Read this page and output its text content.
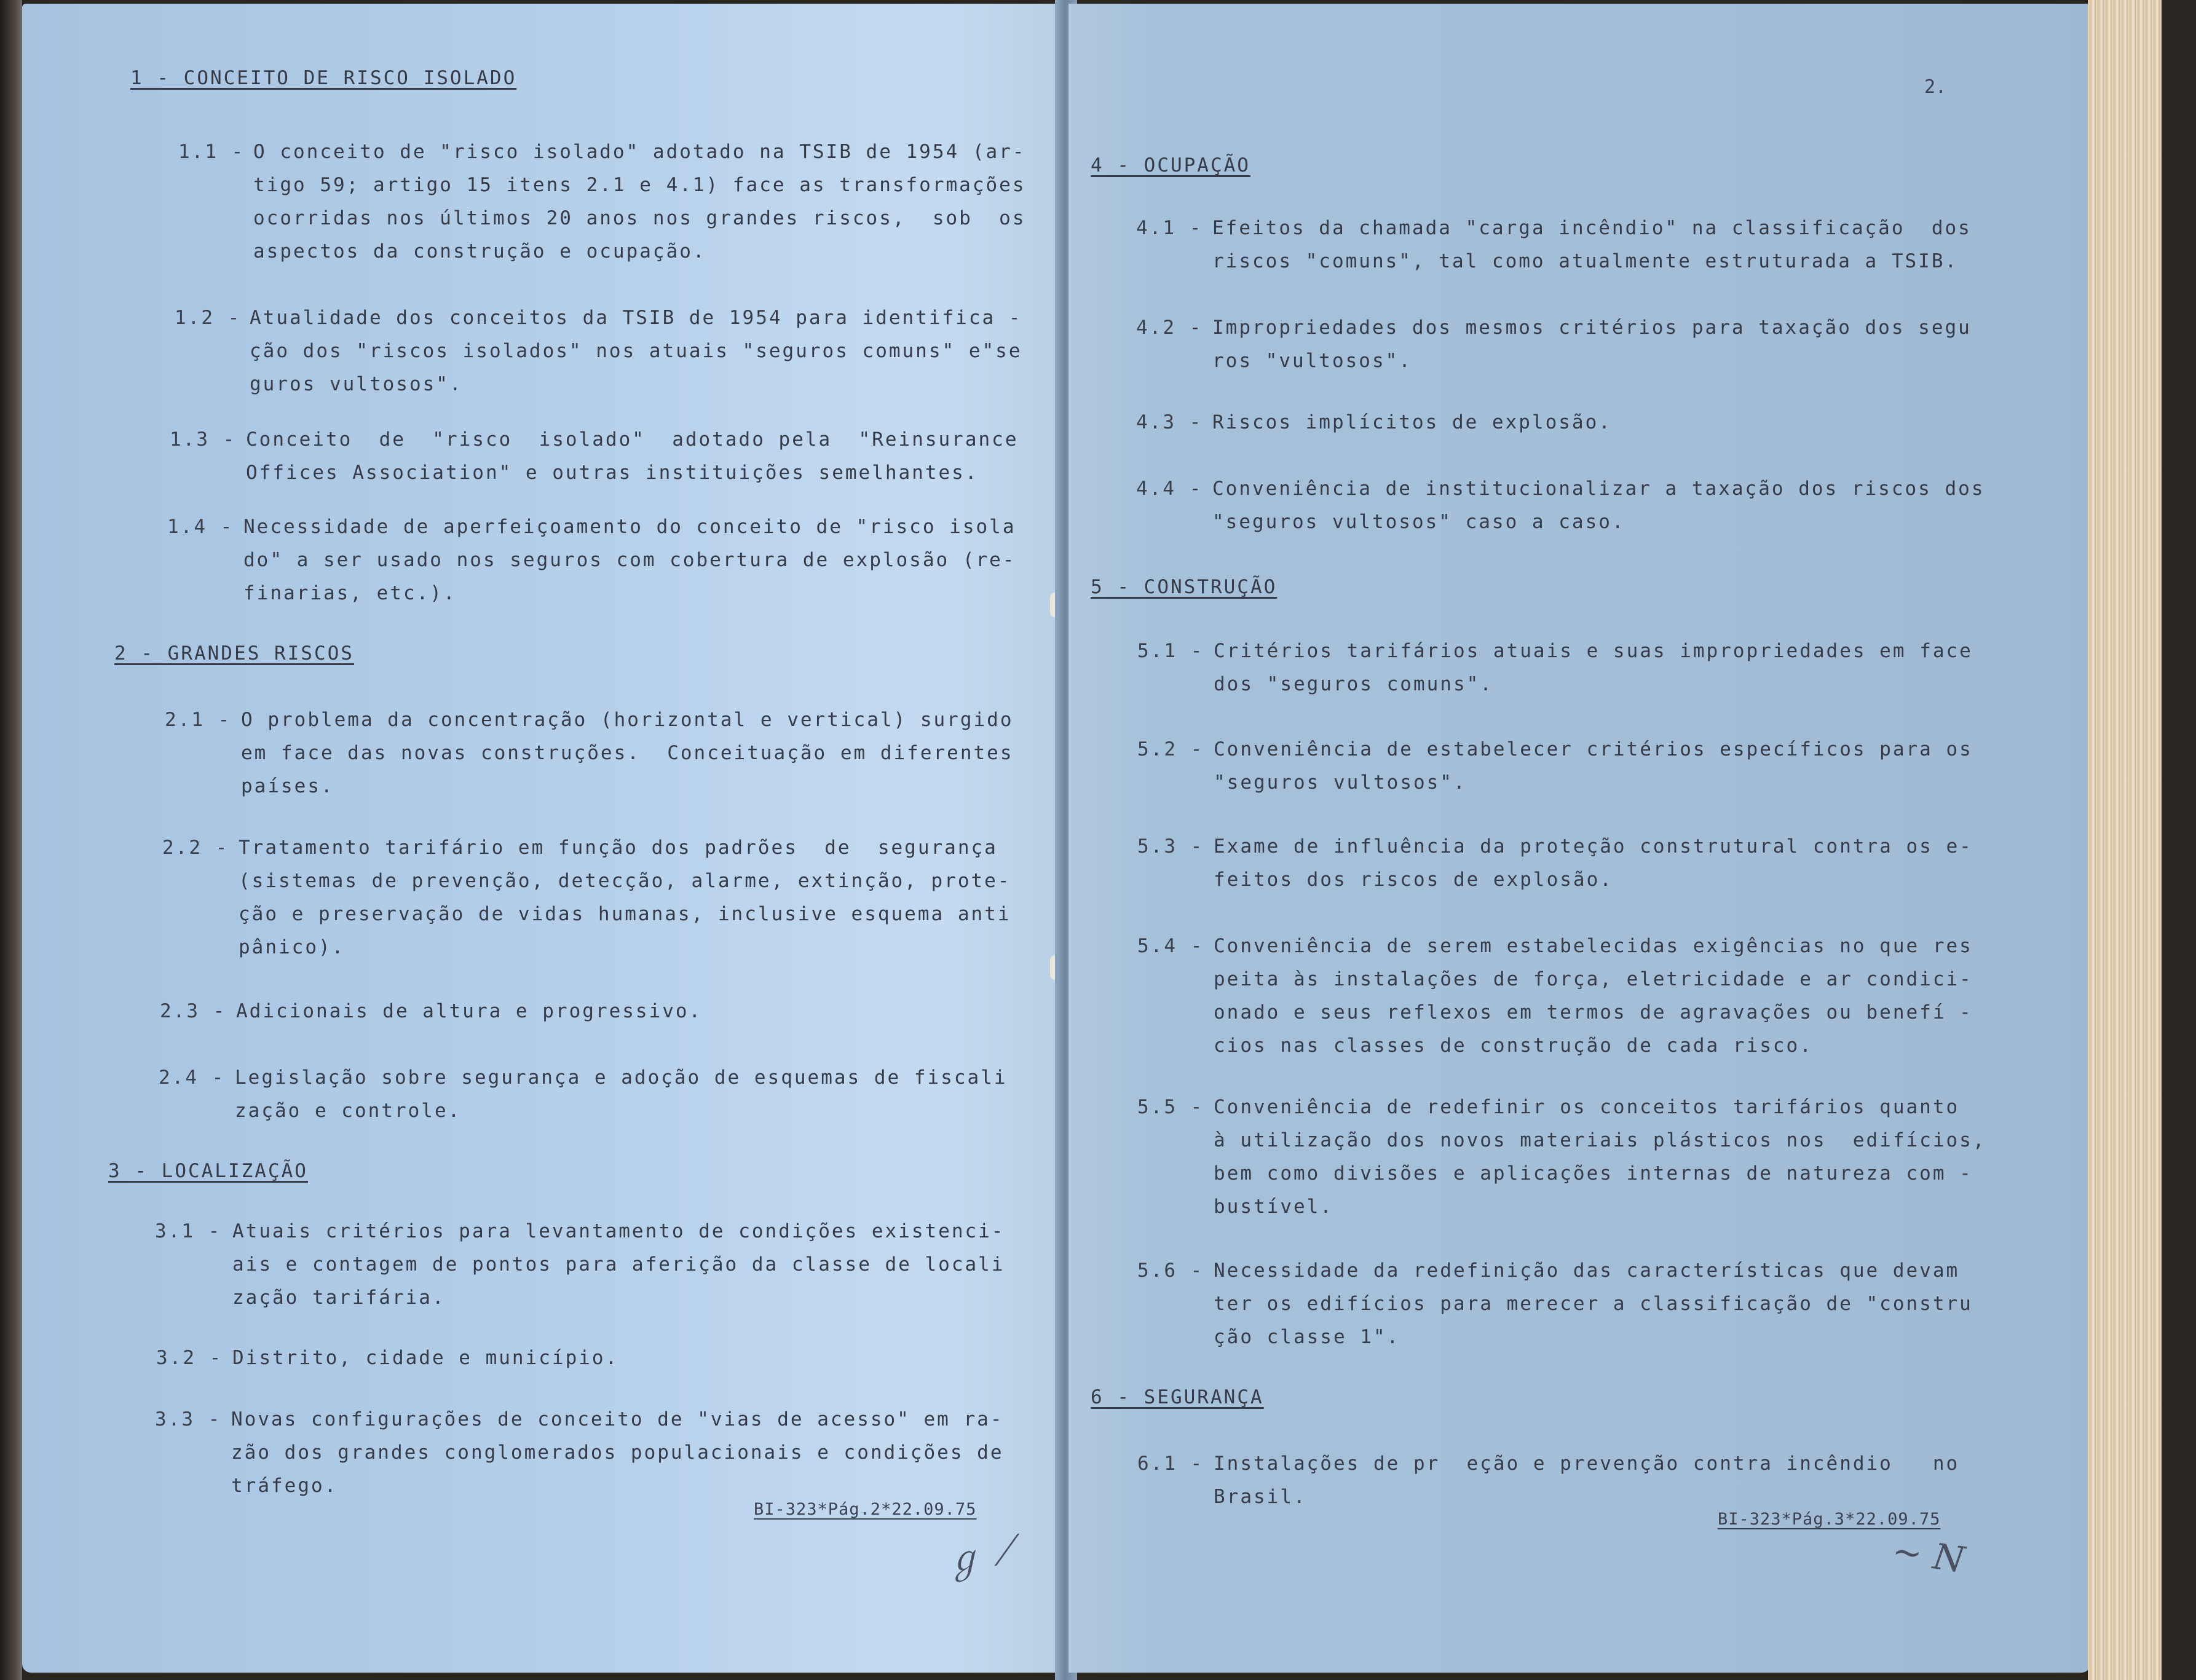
1 - CONCEITO DE RISCO ISOLADO
1.1 - O conceito de "risco isolado" adotado na TSIB de 1954 (ar-
tigo 59; artigo 15 itens 2.1 e 4.1) face as transformações
ocorridas nos últimos 20 anos nos grandes riscos,  sob  os
aspectos da construção e ocupação.
1.2 - Atualidade dos conceitos da TSIB de 1954 para identifica -
ção dos "riscos isolados" nos atuais "seguros comuns" e"se
guros vultosos".
1.3 - Conceito  de  "risco  isolado"  adotado pela  "Reinsurance
Offices Association" e outras instituições semelhantes.
1.4 - Necessidade de aperfeiçoamento do conceito de "risco isola
do" a ser usado nos seguros com cobertura de explosão (re-
finarias, etc.).
2 - GRANDES RISCOS
2.1 - O problema da concentração (horizontal e vertical) surgido
em face das novas construções.  Conceituação em diferentes
países.
2.2 - Tratamento tarifário em função dos padrões  de  segurança
(sistemas de prevenção, detecção, alarme, extinção, prote-
ção e preservação de vidas humanas, inclusive esquema anti
pânico).
2.3 - Adicionais de altura e progressivo.
2.4 - Legislação sobre segurança e adoção de esquemas de fiscali
zação e controle.
3 - LOCALIZAÇÃO
3.1 - Atuais critérios para levantamento de condições existenci-
ais e contagem de pontos para aferição da classe de locali
zação tarifária.
3.2 - Distrito, cidade e município.
3.3 - Novas configurações de conceito de "vias de acesso" em ra-
zão dos grandes conglomerados populacionais e condições de
tráfego.
BI-323*Pág.2*22.09.75
ℊ ⟋
2.
4 - OCUPAÇÃO
4.1 - Efeitos da chamada "carga incêndio" na classificação  dos
riscos "comuns", tal como atualmente estruturada a TSIB.
4.2 - Impropriedades dos mesmos critérios para taxação dos segu
ros "vultosos".
4.3 - Riscos implícitos de explosão.
4.4 - Conveniência de institucionalizar a taxação dos riscos dos
"seguros vultosos" caso a caso.
5 - CONSTRUÇÃO
5.1 - Critérios tarifários atuais e suas impropriedades em face
dos "seguros comuns".
5.2 - Conveniência de estabelecer critérios específicos para os
"seguros vultosos".
5.3 - Exame de influência da proteção construtural contra os e-
feitos dos riscos de explosão.
5.4 - Conveniência de serem estabelecidas exigências no que res
peita às instalações de força, eletricidade e ar condici-
onado e seus reflexos em termos de agravações ou benefí -
cios nas classes de construção de cada risco.
5.5 - Conveniência de redefinir os conceitos tarifários quanto
à utilização dos novos materiais plásticos nos  edifícios,
bem como divisões e aplicações internas de natureza com -
bustível.
5.6 - Necessidade da redefinição das características que devam
ter os edifícios para merecer a classificação de "constru
ção classe 1".
6 - SEGURANÇA
6.1 - Instalações de pr  eção e prevenção contra incêndio   no
Brasil.
BI-323*Pág.3*22.09.75
~ N
